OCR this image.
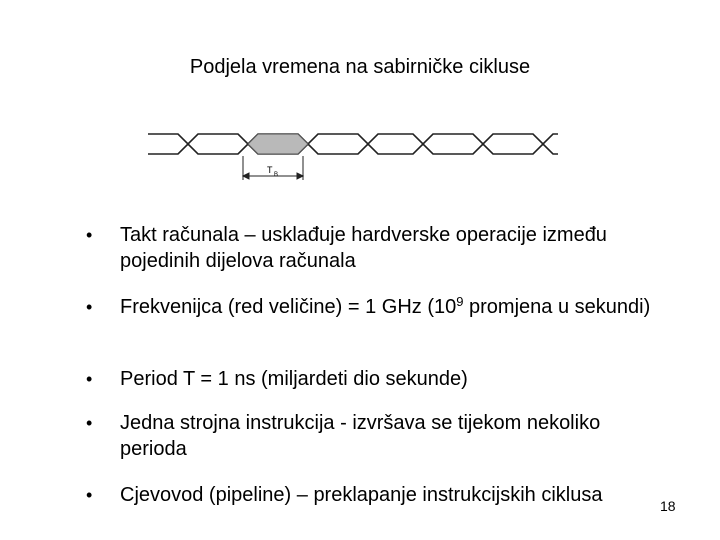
Podjela vremena na sabirničke cikluse
T B
• Takt računala – usklađuje hardverske operacije između pojedinih dijelova računala
• Frekvenijca (red veličine) = 1 GHz ($10^9$ promjena u sekundi)
• Period T = 1 ns (miljardeti dio sekunde)
• Jedna strojna instrukcija - izvršava se tijekom nekoliko perioda
• Cjevovod (pipeline) – preklapanje instrukcijskih ciklusa	18
